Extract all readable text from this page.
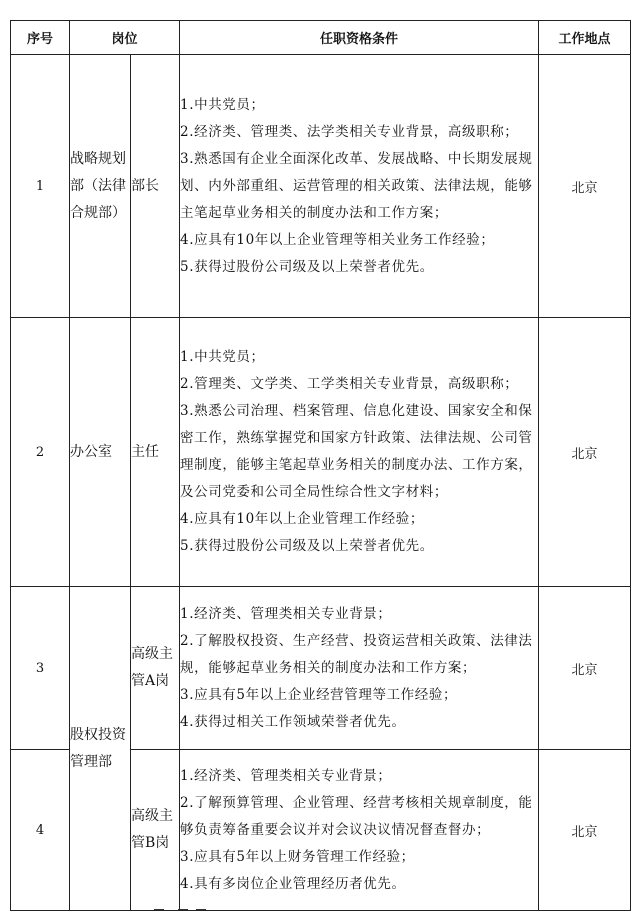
序号	岗位		任职资格条件	工作地点
1	战略规划部（法律合规部）	部长	1.中共党员；
2.经济类、管理类、法学类相关专业背景，高级职称；
3.熟悉国有企业全面深化改革、发展战略、中长期发展规划、内外部重组、运营管理的相关政策、法律法规，能够主笔起草业务相关的制度办法和工作方案；
4.应具有10年以上企业管理等相关业务工作经验；
5.获得过股份公司级及以上荣誉者优先。	北京
2	办公室	主任	1.中共党员；
2.管理类、文学类、工学类相关专业背景，高级职称；
3.熟悉公司治理、档案管理、信息化建设、国家安全和保密工作，熟练掌握党和国家方针政策、法律法规、公司管理制度，能够主笔起草业务相关的制度办法、工作方案，及公司党委和公司全局性综合性文字材料；
4.应具有10年以上企业管理工作经验；
5.获得过股份公司级及以上荣誉者优先。	北京
3	股权投资管理部	高级主管A岗	1.经济类、管理类相关专业背景；
2.了解股权投资、生产经营、投资运营相关政策、法律法规，能够起草业务相关的制度办法和工作方案；
3.应具有5年以上企业经营管理等工作经验；
4.获得过相关工作领域荣誉者优先。	北京
4		高级主管B岗	1.经济类、管理类相关专业背景；
2.了解预算管理、企业管理、经营考核相关规章制度，能够负责筹备重要会议并对会议决议情况督查督办；
3.应具有5年以上财务管理工作经验；
4.具有多岗位企业管理经历者优先。	北京
